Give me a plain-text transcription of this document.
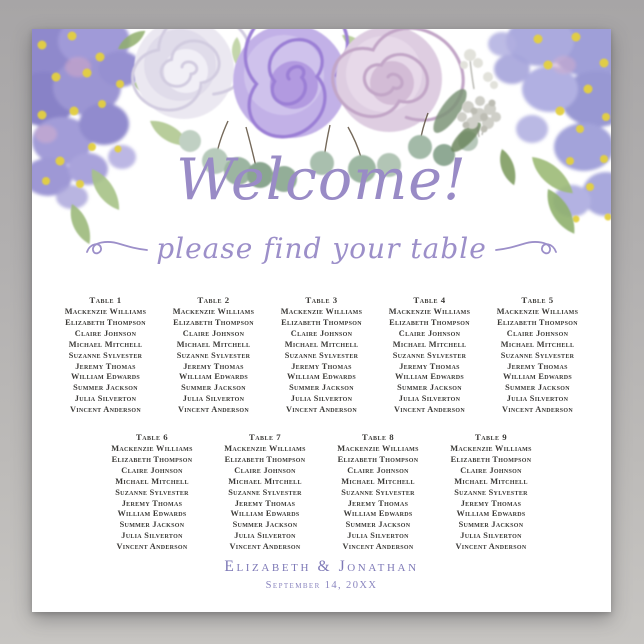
Welcome!
please find your table
Table 1
Mackenzie Williams
Elizabeth Thompson
Claire Johnson
Michael Mitchell
Suzanne Sylvester
Jeremy Thomas
William Edwards
Summer Jackson
Julia Silverton
Vincent Anderson
Table 2
Mackenzie Williams
Elizabeth Thompson
Claire Johnson
Michael Mitchell
Suzanne Sylvester
Jeremy Thomas
William Edwards
Summer Jackson
Julia Silverton
Vincent Anderson
Table 3
Mackenzie Williams
Elizabeth Thompson
Claire Johnson
Michael Mitchell
Suzanne Sylvester
Jeremy Thomas
William Edwards
Summer Jackson
Julia Silverton
Vincent Anderson
Table 4
Mackenzie Williams
Elizabeth Thompson
Claire Johnson
Michael Mitchell
Suzanne Sylvester
Jeremy Thomas
William Edwards
Summer Jackson
Julia Silverton
Vincent Anderson
Table 5
Mackenzie Williams
Elizabeth Thompson
Claire Johnson
Michael Mitchell
Suzanne Sylvester
Jeremy Thomas
William Edwards
Summer Jackson
Julia Silverton
Vincent Anderson
Table 6
Mackenzie Williams
Elizabeth Thompson
Claire Johnson
Michael Mitchell
Suzanne Sylvester
Jeremy Thomas
William Edwards
Summer Jackson
Julia Silverton
Vincent Anderson
Table 7
Mackenzie Williams
Elizabeth Thompson
Claire Johnson
Michael Mitchell
Suzanne Sylvester
Jeremy Thomas
William Edwards
Summer Jackson
Julia Silverton
Vincent Anderson
Table 8
Mackenzie Williams
Elizabeth Thompson
Claire Johnson
Michael Mitchell
Suzanne Sylvester
Jeremy Thomas
William Edwards
Summer Jackson
Julia Silverton
Vincent Anderson
Table 9
Mackenzie Williams
Elizabeth Thompson
Claire Johnson
Michael Mitchell
Suzanne Sylvester
Jeremy Thomas
William Edwards
Summer Jackson
Julia Silverton
Vincent Anderson
Elizabeth & Jonathan
September 14, 20XX
